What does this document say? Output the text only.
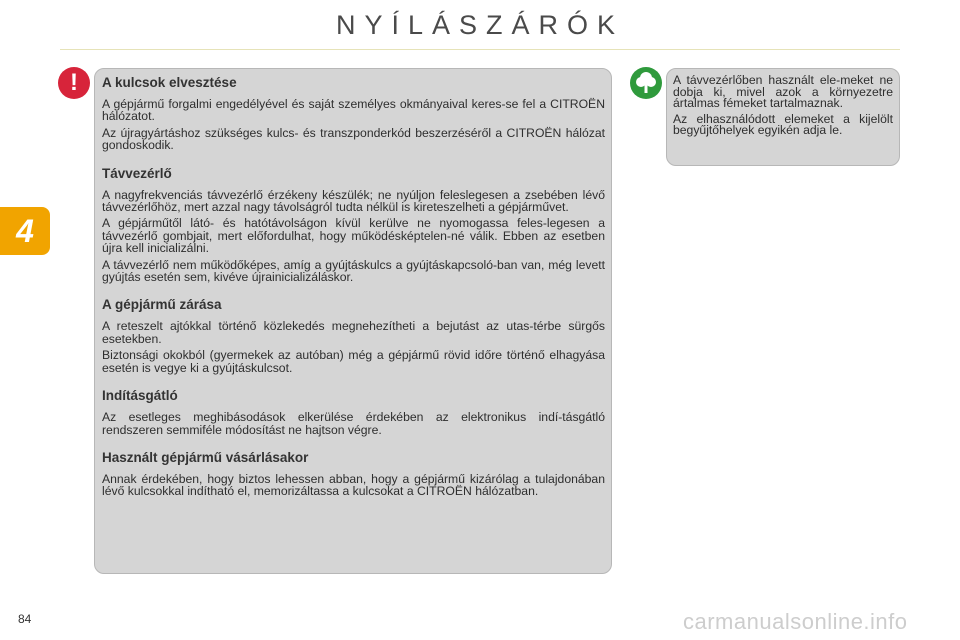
NYÍLÁSZÁRÓK
4
!	A kulcsok elvesztése

A gépjármű forgalmi engedélyével és saját személyes okmányaival keres-se fel a CITROËN hálózatot.

Az újragyártáshoz szükséges kulcs- és transzponderkód beszerzéséről a CITROËN hálózat gondoskodik.

Távvezérlő

A nagyfrekvenciás távvezérlő érzékeny készülék; ne nyúljon feleslegesen a zsebében lévő távvezérlőhöz, mert azzal nagy távolságról tudta nélkül is kireteszelheti a gépjárművet.

A gépjárműtől látó- és hatótávolságon kívül kerülve ne nyomogassa feles-legesen a távvezérlő gombjait, mert előfordulhat, hogy működésképtelen-né válik. Ebben az esetben újra kell inicializálni.

A távvezérlő nem működőképes, amíg a gyújtáskulcs a gyújtáskapcsoló-ban van, még levett gyújtás esetén sem, kivéve újrainicializáláskor.

A gépjármű zárása

A reteszelt ajtókkal történő közlekedés megnehezítheti a bejutást az utas-térbe sürgős esetekben.

Biztonsági okokból (gyermekek az autóban) még a gépjármű rövid időre történő elhagyása esetén is vegye ki a gyújtáskulcsot.

Indításgátló

Az esetleges meghibásodások elkerülése érdekében az elektronikus indí-tásgátló rendszeren semmiféle módosítást ne hajtson végre.

Használt gépjármű vásárlásakor

Annak érdekében, hogy biztos lehessen abban, hogy a gépjármű kizárólag a tulajdonában lévő kulcsokkal indítható el, memorizáltassa a kulcsokat a CITROËN hálózatban.

A távvezérlőben használt ele-meket ne dobja ki, mivel azok a környezetre ártalmas fémeket tartalmaznak.

Az elhasználódott elemeket a kijelölt begyűjtőhelyek egyikén adja le.

84	carmanualsonline.info
